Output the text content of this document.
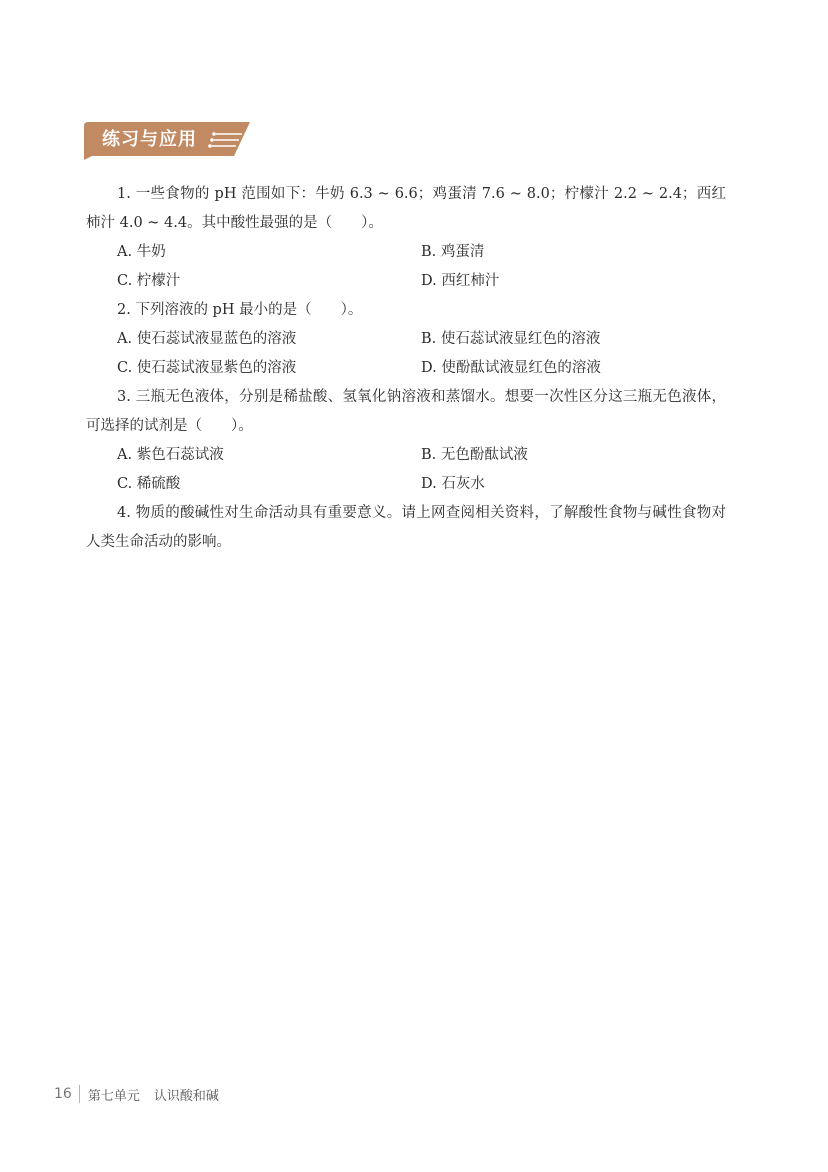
练习与应用

1. 一些食物的 pH 范围如下：牛奶 6.3 ~ 6.6；鸡蛋清 7.6 ~ 8.0；柠檬汁 2.2 ~ 2.4；西红柿汁 4.0 ~ 4.4。其中酸性最强的是（　　）。

A. 牛奶	B. 鸡蛋清
C. 柠檬汁	D. 西红柿汁

2. 下列溶液的 pH 最小的是（　　）。

A. 使石蕊试液显蓝色的溶液	B. 使石蕊试液显红色的溶液
C. 使石蕊试液显紫色的溶液	D. 使酚酞试液显红色的溶液

3. 三瓶无色液体，分别是稀盐酸、氢氧化钠溶液和蒸馏水。想要一次性区分这三瓶无色液体，可选择的试剂是（　　）。

A. 紫色石蕊试液	B. 无色酚酞试液
C. 稀硫酸	D. 石灰水

4. 物质的酸碱性对生命活动具有重要意义。请上网查阅相关资料，了解酸性食物与碱性食物对人类生命活动的影响。

16 第七单元 认识酸和碱
